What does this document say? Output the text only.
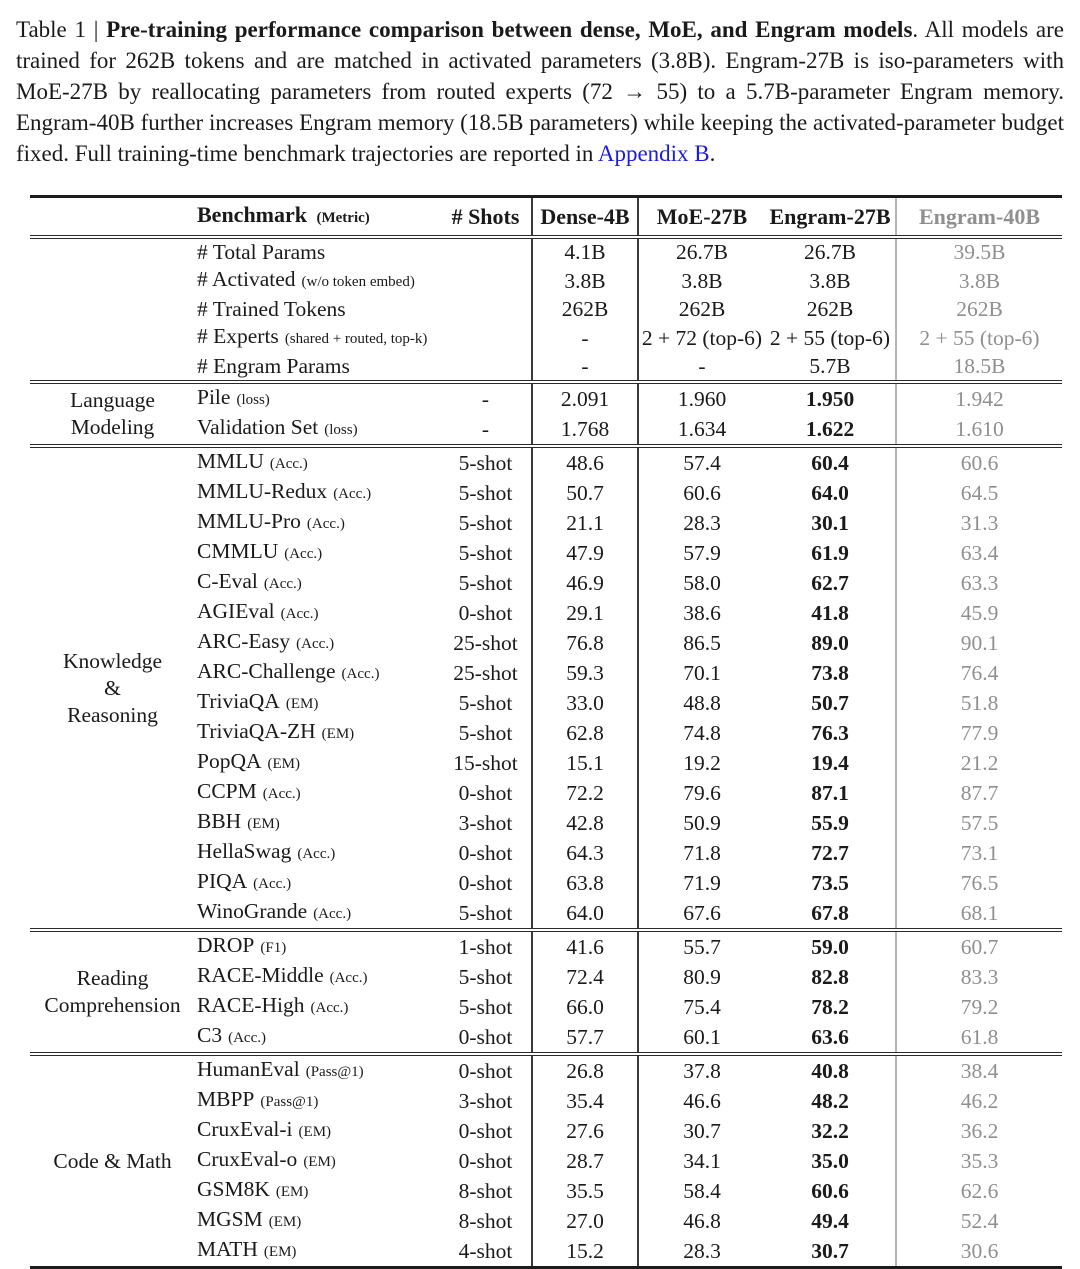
Table 1 | Pre-training performance comparison between dense, MoE, and Engram models. All models are trained for 262B tokens and are matched in activated parameters (3.8B). Engram-27B is iso-parameters with MoE-27B by reallocating parameters from routed experts (72 → 55) to a 5.7B-parameter Engram memory. Engram-40B further increases Engram memory (18.5B parameters) while keeping the activated-parameter budget fixed. Full training-time benchmark trajectories are reported in Appendix B.
	Benchmark (Metric)	# Shots	Dense-4B	MoE-27B	Engram-27B	Engram-40B
	# Total Params		4.1B	26.7B	26.7B	39.5B
	# Activated (w/o token embed)		3.8B	3.8B	3.8B	3.8B
	# Trained Tokens		262B	262B	262B	262B
	# Experts (shared + routed, top-k)		-	2 + 72 (top-6)	2 + 55 (top-6)	2 + 55 (top-6)
	# Engram Params		-	-	5.7B	18.5B
Language
Modeling	Pile (loss)	-	2.091	1.960	1.950	1.942
	Validation Set (loss)	-	1.768	1.634	1.622	1.610
Knowledge
&
Reasoning	MMLU (Acc.)	5-shot	48.6	57.4	60.4	60.6
	MMLU-Redux (Acc.)	5-shot	50.7	60.6	64.0	64.5
	MMLU-Pro (Acc.)	5-shot	21.1	28.3	30.1	31.3
	CMMLU (Acc.)	5-shot	47.9	57.9	61.9	63.4
	C-Eval (Acc.)	5-shot	46.9	58.0	62.7	63.3
	AGIEval (Acc.)	0-shot	29.1	38.6	41.8	45.9
	ARC-Easy (Acc.)	25-shot	76.8	86.5	89.0	90.1
	ARC-Challenge (Acc.)	25-shot	59.3	70.1	73.8	76.4
	TriviaQA (EM)	5-shot	33.0	48.8	50.7	51.8
	TriviaQA-ZH (EM)	5-shot	62.8	74.8	76.3	77.9
	PopQA (EM)	15-shot	15.1	19.2	19.4	21.2
	CCPM (Acc.)	0-shot	72.2	79.6	87.1	87.7
	BBH (EM)	3-shot	42.8	50.9	55.9	57.5
	HellaSwag (Acc.)	0-shot	64.3	71.8	72.7	73.1
	PIQA (Acc.)	0-shot	63.8	71.9	73.5	76.5
	WinoGrande (Acc.)	5-shot	64.0	67.6	67.8	68.1
Reading
Comprehension	DROP (F1)	1-shot	41.6	55.7	59.0	60.7
	RACE-Middle (Acc.)	5-shot	72.4	80.9	82.8	83.3
	RACE-High (Acc.)	5-shot	66.0	75.4	78.2	79.2
	C3 (Acc.)	0-shot	57.7	60.1	63.6	61.8
Code & Math	HumanEval (Pass@1)	0-shot	26.8	37.8	40.8	38.4
	MBPP (Pass@1)	3-shot	35.4	46.6	48.2	46.2
	CruxEval-i (EM)	0-shot	27.6	30.7	32.2	36.2
	CruxEval-o (EM)	0-shot	28.7	34.1	35.0	35.3
	GSM8K (EM)	8-shot	35.5	58.4	60.6	62.6
	MGSM (EM)	8-shot	27.0	46.8	49.4	52.4
	MATH (EM)	4-shot	15.2	28.3	30.7	30.6
